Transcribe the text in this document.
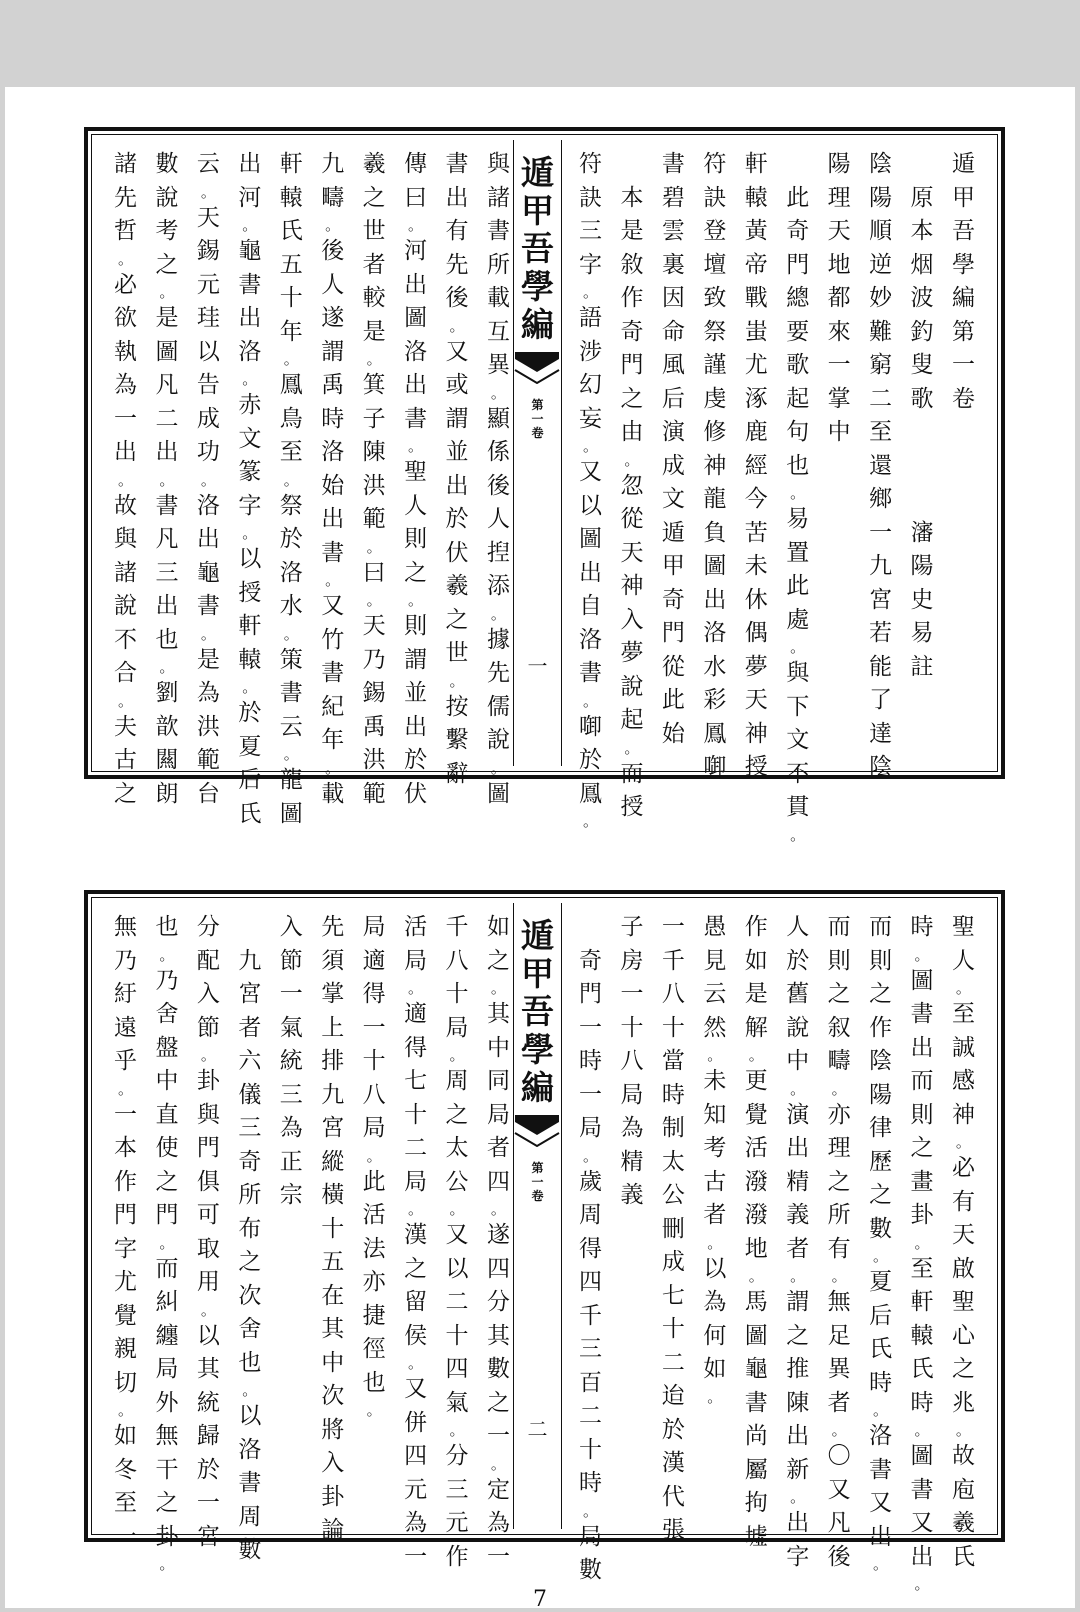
遁
甲
吾
學
編
第
一
卷

原
本
烟
波
釣
叟
歌

瀋
陽
史
易
註
陰
陽
順
逆
妙
難
窮
二
至
還
鄉
一
九
宮
若
能
了
達
陰
陽
理
天
地
都
來
一
掌
中

此
奇
門
總
要
歌
起
句
也
。
易
置
此
處
。
與
下
文
不
貫
。
軒
轅
黃
帝
戰
蚩
尤
涿
鹿
經
今
苦
未
休
偶
夢
天
神
授
符
訣
登
壇
致
祭
謹
虔
修
神
龍
負
圖
出
洛
水
彩
鳳
啣
書
碧
雲
裏
因
命
風
后
演
成
文
遁
甲
奇
門
從
此
始

本
是
敘
作
奇
門
之
由
。
忽
從
天
神
入
夢
說
起
。
而
授
符
訣
三
字
。
語
涉
幻
妄
。
又
以
圖
出
自
洛
書
。
啣
於
鳳
。
遁
甲
吾
學
編
第
一
卷
一
與
諸
書
所
載
互
異
。
顯
係
後
人
揑
添
。
據
先
儒
說
。
圖
書
出
有
先
後
。
又
或
謂
並
出
於
伏
羲
之
世
。
按
繫
辭
傳
曰
。
河
出
圖
洛
出
書
。
聖
人
則
之
。
則
謂
並
出
於
伏
羲
之
世
者
較
是
。
箕
子
陳
洪
範
。
曰
。
天
乃
錫
禹
洪
範
九
疇
。
後
人
遂
謂
禹
時
洛
始
出
書
。
又
竹
書
紀
年
。
載
軒
轅
氏
五
十
年
。
鳳
鳥
至
。
祭
於
洛
水
。
策
書
云
。
龍
圖
出
河
。
龜
書
出
洛
。
赤
文
篆
字
。
以
授
軒
轅
。
於
夏
后
氏
云
。
天
錫
元
珪
以
告
成
功
。
洛
出
龜
書
。
是
為
洪
範
台
數
說
考
之
。
是
圖
凡
二
出
。
書
凡
三
出
也
。
劉
歆
闗
朗
諸
先
哲
。
必
欲
執
為
一
出
。
故
與
諸
說
不
合
。
夫
古
之
聖
人
。
至
誠
感
神
。
必
有
天
啟
聖
心
之
兆
。
故
庖
羲
氏
時
。
圖
書
出
而
則
之
畫
卦
。
至
軒
轅
氏
時
。
圖
書
又
出
。
而
則
之
作
陰
陽
律
歷
之
數
。
夏
后
氏
時
。
洛
書
又
出
。
而
則
之
叙
疇
。
亦
理
之
所
有
。
無
足
異
者
。
〇
又
凡
後
人
於
舊
說
中
。
演
出
精
義
者
。
謂
之
推
陳
出
新
。
出
字
作
如
是
解
。
更
覺
活
潑
潑
地
。
馬
圖
龜
書
尚
屬
拘
墟
愚
見
云
然
。
未
知
考
古
者
。
以
為
何
如
。
一
千
八
十
當
時
制
太
公
刪
成
七
十
二
迨
於
漢
代
張
子
房
一
十
八
局
為
精
義

奇
門
一
時
一
局
。
歲
周
得
四
千
三
百
二
十
時
。
局
數
遁
甲
吾
學
編
第
一
卷
二
如
之
。
其
中
同
局
者
四
。
遂
四
分
其
數
之
一
。
定
為
一
千
八
十
局
。
周
之
太
公
。
又
以
二
十
四
氣
。
分
三
元
作
活
局
。
適
得
七
十
二
局
。
漢
之
留
侯
。
又
併
四
元
為
一
局
適
得
一
十
八
局
。
此
活
法
亦
捷
徑
也
。
先
須
掌
上
排
九
宮
縱
橫
十
五
在
其
中
次
將
入
卦
論
入
節
一
氣
統
三
為
正
宗

九
宮
者
六
儀
三
奇
所
布
之
次
舍
也
。
以
洛
書
周
數
分
配
入
節
。
卦
與
門
俱
可
取
用
。
以
其
統
歸
於
一
宮
也
。
乃
舍
盤
中
直
使
之
門
。
而
糾
纏
局
外
無
干
之
卦
。
無
乃
紆
遠
乎
。
一
本
作
門
字
尤
覺
親
切
。
如
冬
至
一
7
